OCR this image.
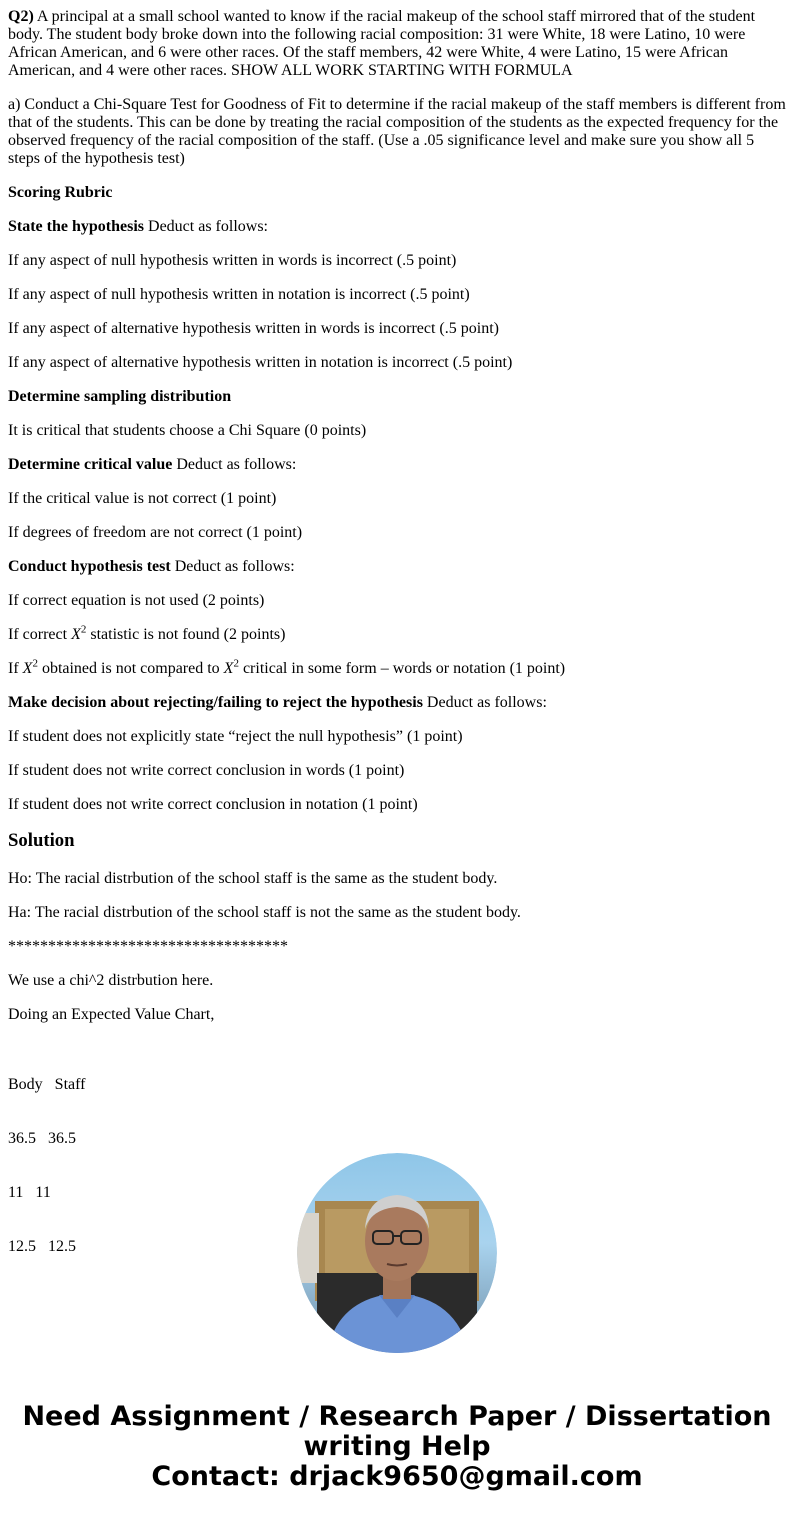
Q2) A principal at a small school wanted to know if the racial makeup of the school staff mirrored that of the student body. The student body broke down into the following racial composition: 31 were White, 18 were Latino, 10 were African American, and 6 were other races. Of the staff members, 42 were White, 4 were Latino, 15 were African American, and 4 were other races. SHOW ALL WORK STARTING WITH FORMULA

a) Conduct a Chi-Square Test for Goodness of Fit to determine if the racial makeup of the staff members is different from that of the students. This can be done by treating the racial composition of the students as the expected frequency for the observed frequency of the racial composition of the staff. (Use a .05 significance level and make sure you show all 5 steps of the hypothesis test)

Scoring Rubric

State the hypothesis Deduct as follows:

If any aspect of null hypothesis written in words is incorrect (.5 point)

If any aspect of null hypothesis written in notation is incorrect (.5 point)

If any aspect of alternative hypothesis written in words is incorrect (.5 point)

If any aspect of alternative hypothesis written in notation is incorrect (.5 point)

Determine sampling distribution

It is critical that students choose a Chi Square (0 points)

Determine critical value Deduct as follows:

If the critical value is not correct (1 point)

If degrees of freedom are not correct (1 point)

Conduct hypothesis test Deduct as follows:

If correct equation is not used (2 points)

If correct $X^2$ statistic is not found (2 points)

If $X^2$ obtained is not compared to $X^2$ critical in some form – words or notation (1 point)

Make decision about rejecting/failing to reject the hypothesis Deduct as follows:

If student does not explicitly state “reject the null hypothesis” (1 point)

If student does not write correct conclusion in words (1 point)

If student does not write correct conclusion in notation (1 point)

Solution

Ho: The racial distrbution of the school staff is the same as the student body.

Ha: The racial distrbution of the school staff is not the same as the student body.

***********************************

We use a chi^2 distrbution here.

Doing an Expected Value Chart,

Body   Staff

36.5   36.5

11   11

12.5   12.5

Need Assignment / Research Paper / Dissertation
writing Help
Contact: drjack9650@gmail.com
